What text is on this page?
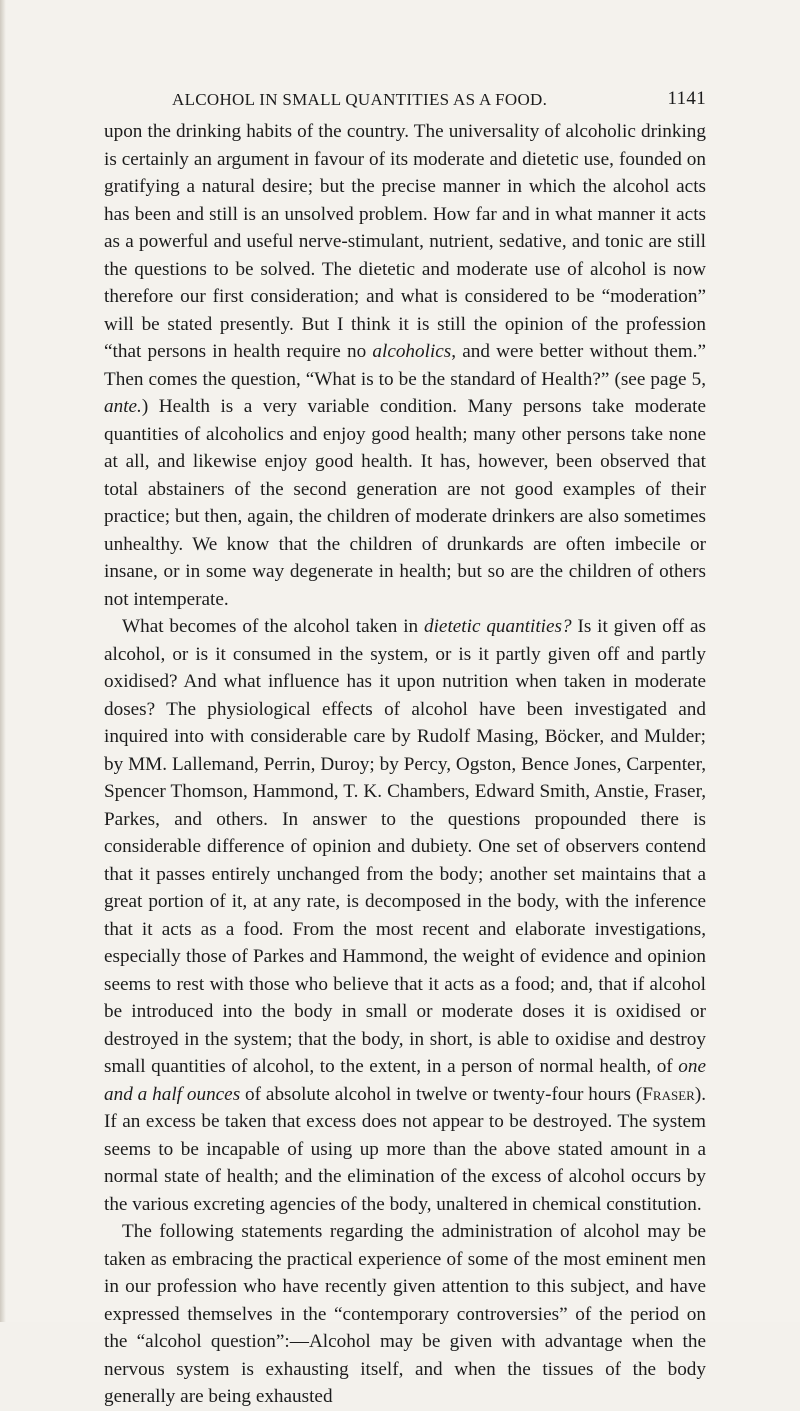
ALCOHOL IN SMALL QUANTITIES AS A FOOD.	1141

upon the drinking habits of the country. The universality of alcoholic drinking is certainly an argument in favour of its moderate and dietetic use, founded on gratifying a natural desire; but the precise manner in which the alcohol acts has been and still is an unsolved problem. How far and in what manner it acts as a powerful and useful nerve-stimulant, nutrient, sedative, and tonic are still the questions to be solved. The dietetic and moderate use of alcohol is now therefore our first consideration; and what is considered to be “moderation” will be stated presently. But I think it is still the opinion of the profession “that persons in health require no alcoholics, and were better without them.” Then comes the question, “What is to be the standard of Health?” (see page 5, ante.) Health is a very variable condition. Many persons take moderate quantities of alcoholics and enjoy good health; many other persons take none at all, and likewise enjoy good health. It has, however, been observed that total abstainers of the second generation are not good examples of their practice; but then, again, the children of moderate drinkers are also sometimes unhealthy. We know that the children of drunkards are often imbecile or insane, or in some way degenerate in health; but so are the children of others not intemperate.

What becomes of the alcohol taken in dietetic quantities? Is it given off as alcohol, or is it consumed in the system, or is it partly given off and partly oxidised? And what influence has it upon nutrition when taken in moderate doses? The physiological effects of alcohol have been investigated and inquired into with considerable care by Rudolf Masing, Böcker, and Mulder; by MM. Lallemand, Perrin, Duroy; by Percy, Ogston, Bence Jones, Carpenter, Spencer Thomson, Hammond, T. K. Chambers, Edward Smith, Anstie, Fraser, Parkes, and others. In answer to the questions propounded there is considerable difference of opinion and dubiety. One set of observers contend that it passes entirely unchanged from the body; another set maintains that a great portion of it, at any rate, is decomposed in the body, with the inference that it acts as a food. From the most recent and elaborate investigations, especially those of Parkes and Hammond, the weight of evidence and opinion seems to rest with those who believe that it acts as a food; and, that if alcohol be introduced into the body in small or moderate doses it is oxidised or destroyed in the system; that the body, in short, is able to oxidise and destroy small quantities of alcohol, to the extent, in a person of normal health, of one and a half ounces of absolute alcohol in twelve or twenty-four hours (Fraser). If an excess be taken that excess does not appear to be destroyed. The system seems to be incapable of using up more than the above stated amount in a normal state of health; and the elimination of the excess of alcohol occurs by the various excreting agencies of the body, unaltered in chemical constitution.

The following statements regarding the administration of alcohol may be taken as embracing the practical experience of some of the most eminent men in our profession who have recently given attention to this subject, and have expressed themselves in the “contemporary controversies” of the period on the “alcohol question”:—Alcohol may be given with advantage when the nervous system is exhausting itself, and when the tissues of the body generally are being exhausted
